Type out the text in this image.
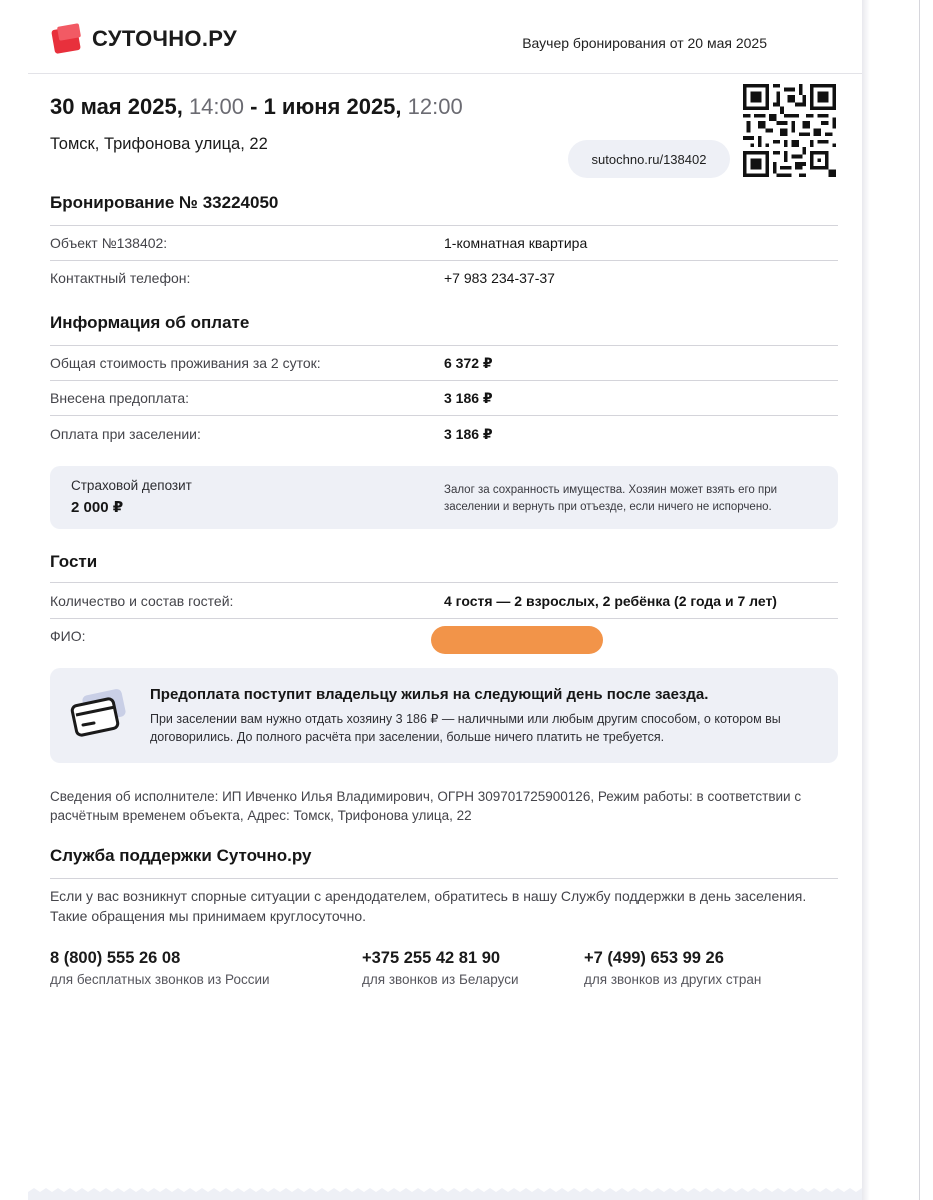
СУТОЧНО.РУ	Ваучер бронирования от 20 мая 2025
30 мая 2025, 14:00 - 1 июня 2025, 12:00
Томск, Трифонова улица, 22
sutochno.ru/138402
Бронирование № 33224050
Объект №138402:	1-комнатная квартира
Контактный телефон:	+7 983 234-37-37
Информация об оплате
Общая стоимость проживания за 2 суток:	6 372 ₽
Внесена предоплата:	3 186 ₽
Оплата при заселении:	3 186 ₽
Страховой депозит
2 000 ₽
Залог за сохранность имущества. Хозяин может взять его при заселении и вернуть при отъезде, если ничего не испорчено.
Гости
Количество и состав гостей:	4 гостя — 2 взрослых, 2 ребёнка (2 года и 7 лет)
ФИО:
Предоплата поступит владельцу жилья на следующий день после заезда.
При заселении вам нужно отдать хозяину 3 186 ₽ — наличными или любым другим способом, о котором вы договорились. До полного расчёта при заселении, больше ничего платить не требуется.
Сведения об исполнителе: ИП Ивченко Илья Владимирович, ОГРН 309701725900126, Режим работы: в соответствии с расчётным временем объекта, Адрес: Томск, Трифонова улица, 22
Служба поддержки Суточно.ру
Если у вас возникнут спорные ситуации с арендодателем, обратитесь в нашу Службу поддержки в день заселения. Такие обращения мы принимаем круглосуточно.
8 (800) 555 26 08
для бесплатных звонков из России
+375 255 42 81 90
для звонков из Беларуси
+7 (499) 653 99 26
для звонков из других стран
